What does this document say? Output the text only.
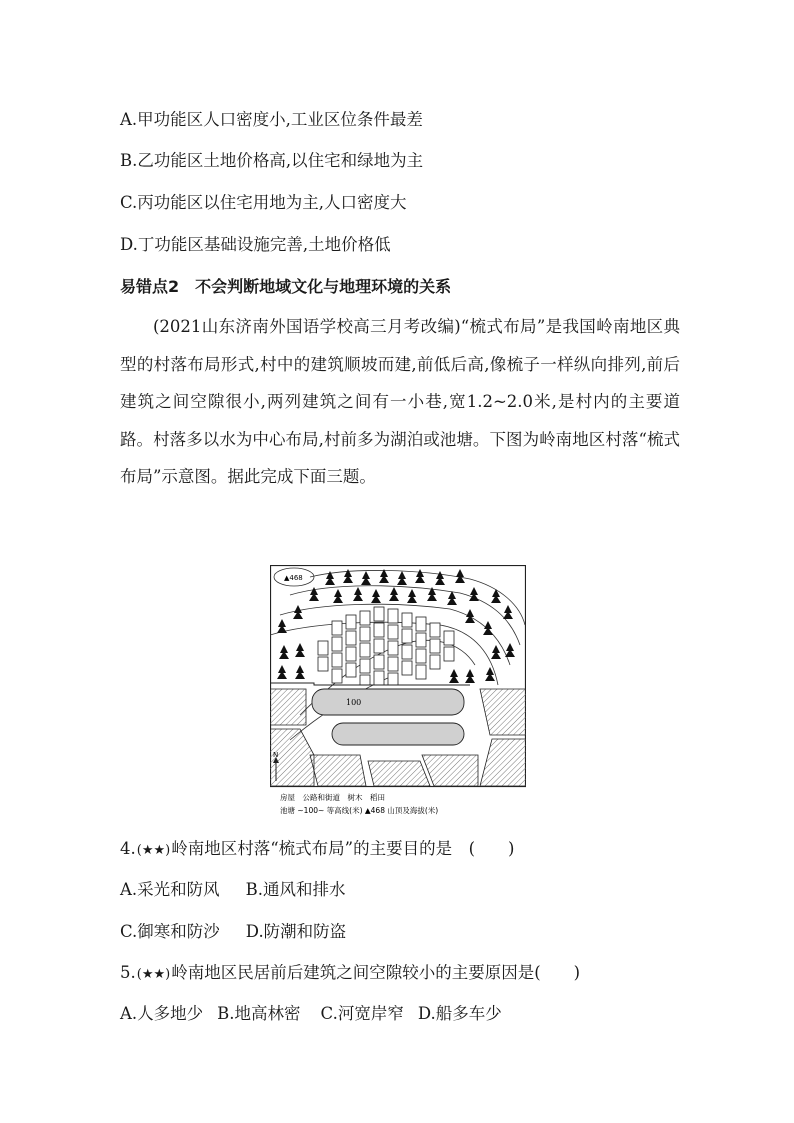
A.甲功能区人口密度小,工业区位条件最差
B.乙功能区土地价格高,以住宅和绿地为主
C.丙功能区以住宅用地为主,人口密度大
D.丁功能区基础设施完善,土地价格低
易错点2　不会判断地域文化与地理环境的关系
(2021山东济南外国语学校高三月考改编)“梳式布局”是我国岭南地区典型的村落布局形式,村中的建筑顺坡而建,前低后高,像梳子一样纵向排列,前后建筑之间空隙很小,两列建筑之间有一小巷,宽1.2~2.0米,是村内的主要道路。村落多以水为中心布局,村前多为湖泊或池塘。下图为岭南地区村落“梳式布局”示意图。据此完成下面三题。
▲468
100
N
房屋　公路和街道　树木　稻田
池塘 ~100~ 等高线(米) ▲468 山顶及海拔(米)
4.(★★)岭南地区村落“梳式布局”的主要目的是　(　　)
A.采光和防风 B.通风和排水
C.御寒和防沙 D.防潮和防盗
5.(★★)岭南地区民居前后建筑之间空隙较小的主要原因是(　　)
A.人多地少 B.地高林密 C.河宽岸窄 D.船多车少
